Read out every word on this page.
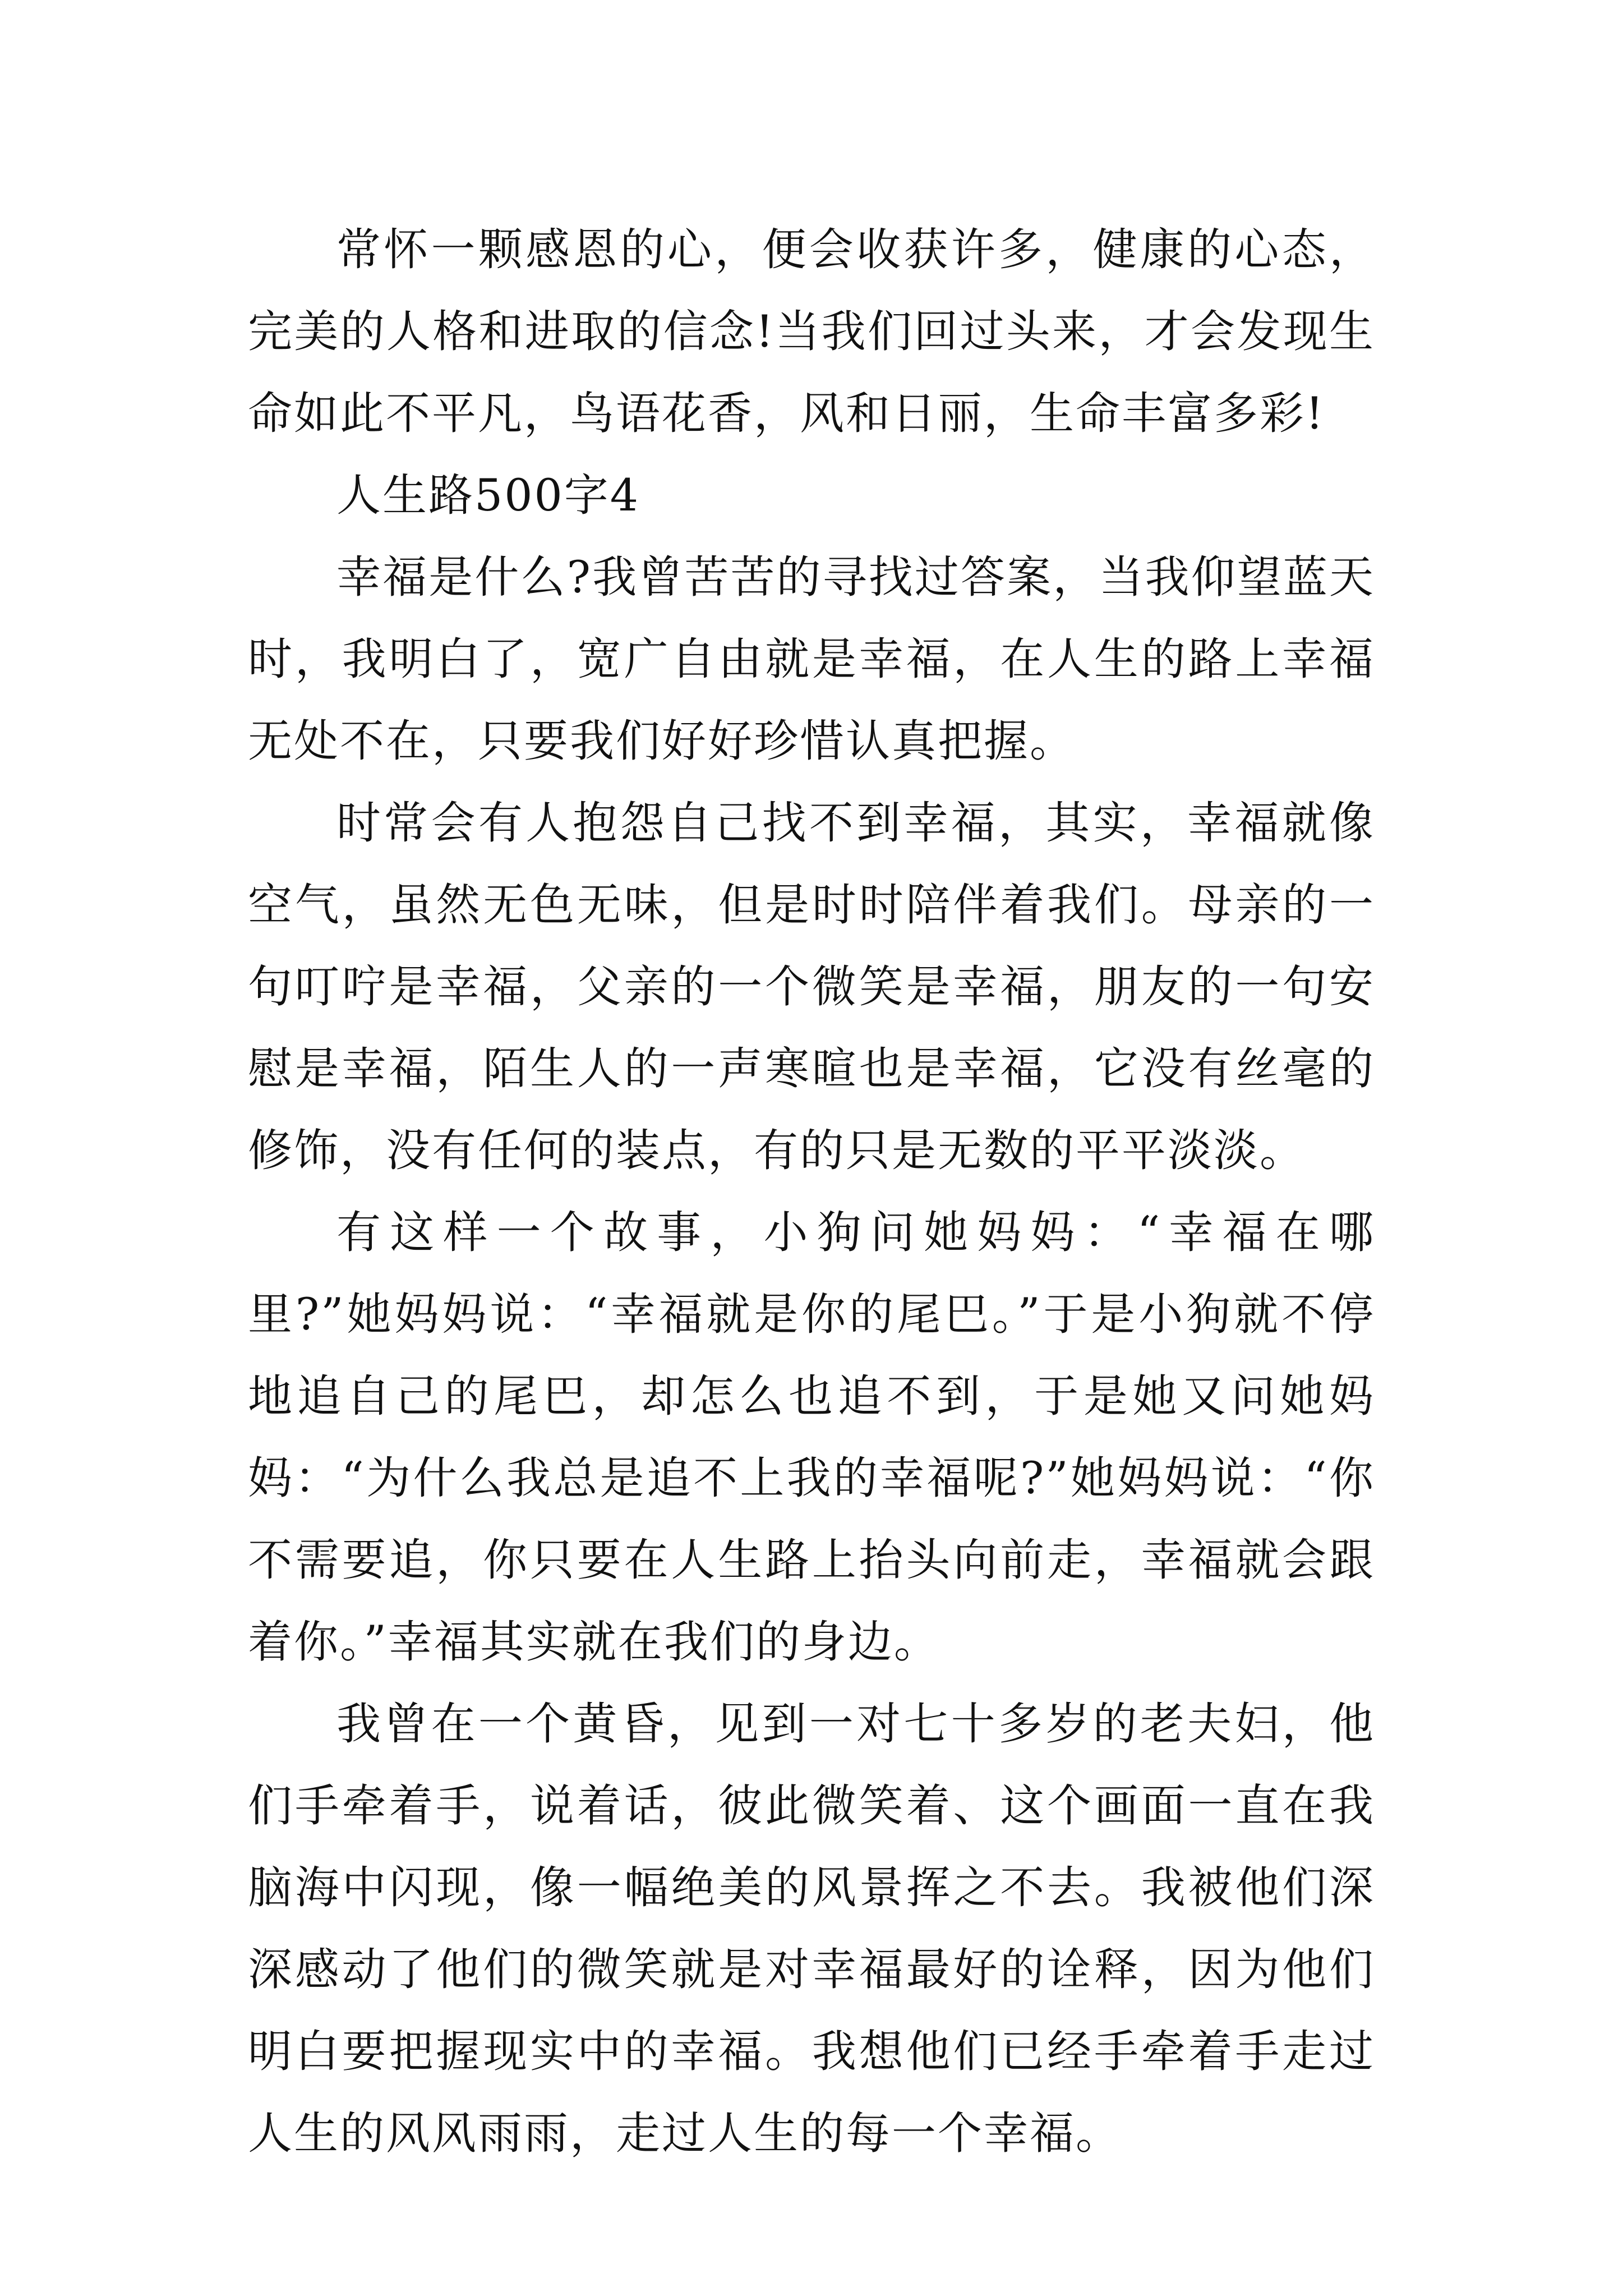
常怀一颗感恩的心，便会收获许多，健康的心态，完美的人格和进取的信念!当我们回过头来，才会发现生命如此不平凡，鸟语花香，风和日丽，生命丰富多彩!

人生路500字4

幸福是什么?我曾苦苦的寻找过答案，当我仰望蓝天时，我明白了，宽广自由就是幸福，在人生的路上幸福无处不在，只要我们好好珍惜认真把握。

时常会有人抱怨自己找不到幸福，其实，幸福就像空气，虽然无色无味，但是时时陪伴着我们。母亲的一句叮咛是幸福，父亲的一个微笑是幸福，朋友的一句安慰是幸福，陌生人的一声寒暄也是幸福，它没有丝毫的修饰，没有任何的装点，有的只是无数的平平淡淡。

有这样一个故事，小狗问她妈妈：“幸福在哪里?”她妈妈说：“幸福就是你的尾巴。”于是小狗就不停地追自己的尾巴，却怎么也追不到，于是她又问她妈妈：“为什么我总是追不上我的幸福呢?”她妈妈说：“你不需要追，你只要在人生路上抬头向前走，幸福就会跟着你。”幸福其实就在我们的身边。

我曾在一个黄昏，见到一对七十多岁的老夫妇，他们手牵着手，说着话，彼此微笑着、这个画面一直在我脑海中闪现，像一幅绝美的风景挥之不去。我被他们深深感动了他们的微笑就是对幸福最好的诠释，因为他们明白要把握现实中的幸福。我想他们已经手牵着手走过人生的风风雨雨，走过人生的每一个幸福。
